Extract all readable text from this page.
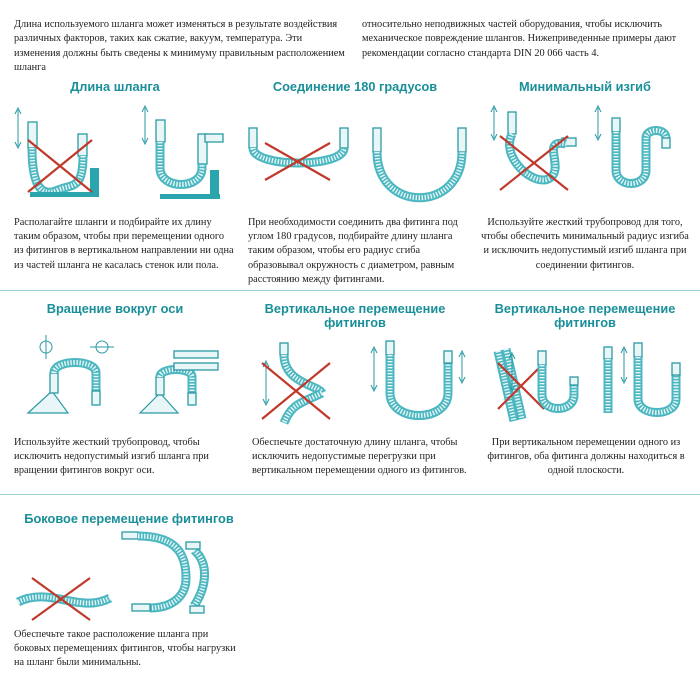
Длина используемого шланга может изменяться в результате воздействия различных факторов, таких как сжатие, вакуум, температура. Эти изменения должны быть сведены к минимуму правильным расположением шланга
относительно неподвижных частей оборудования, чтобы исключить механическое повреждение шлангов. Нижеприведенные примеры дают рекомендации согласно стандарта DIN 20 066 часть 4.
Длина шланга	Соединение 180 градусов	Минимальный изгиб
Располагайте шланги и подбирайте их длину таким образом, чтобы при перемещении одного из фитингов в вертикальном направлении ни одна из частей шланга не касалась стенок или пола.
При необходимости соединить два фитинга под углом 180 градусов, подбирайте длину шланга таким образом, чтобы его радиус сгиба образовывал окружность с диаметром, равным расстоянию между фитингами.
Используйте жесткий трубопровод для того, чтобы обеспечить минимальный радиус изгиба и исключить недопустимый изгиб шланга при соединении фитингов.
Вращение вокруг оси	Вертикальное перемещение фитингов
Вертикальное перемещение фитингов
Используйте жесткий трубопровод, чтобы исключить недопустимый изгиб шланга при вращении фитингов вокруг оси.
Обеспечьте достаточную длину шланга, чтобы исключить недопустимые перегрузки при вертикальном перемещении одного из фитингов.
При вертикальном перемещении одного из фитингов, оба фитинга должны находиться в одной плоскости.
Боковое перемещение фитингов
Обеспечьте такое расположение шланга при боковых перемещениях фитингов, чтобы нагрузки на шланг были минимальны.
